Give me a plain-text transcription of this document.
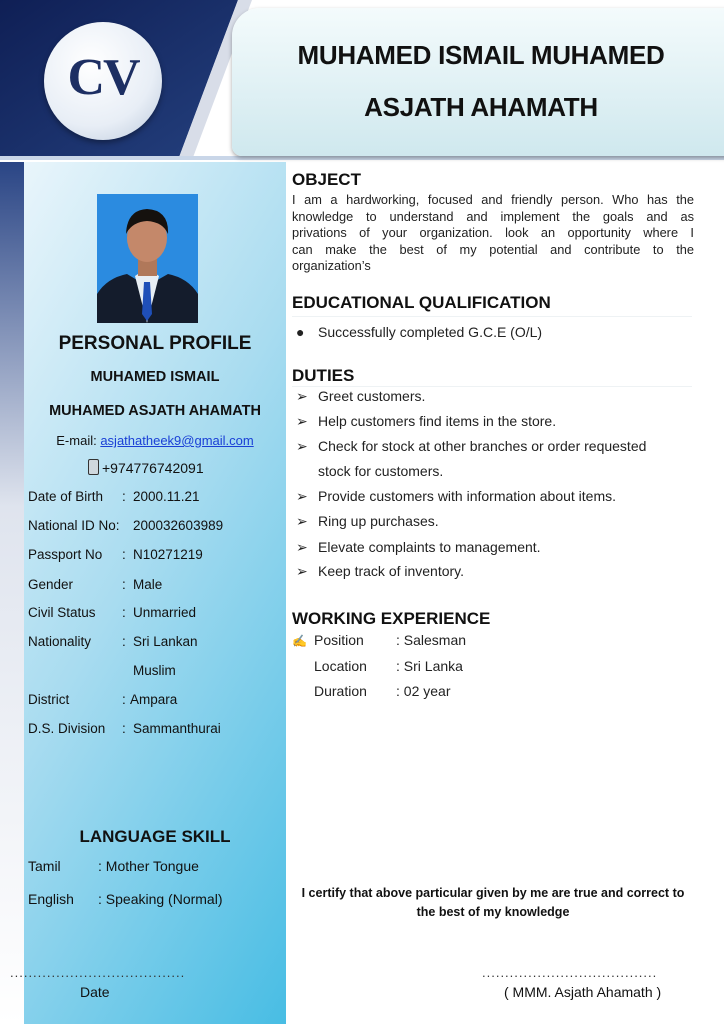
CV	MUHAMED ISMAIL MUHAMED
ASJATH AHAMATH
PERSONAL PROFILE
MUHAMED ISMAIL
MUHAMED ASJATH AHAMATH
E-mail: asjathatheek9@gmail.com
+974776742091
Date of Birth : 2000.11.21
National ID No: 200032603989
Passport No : N10271219
Gender	: Male
Civil Status : Unmarried
Nationality : Sri Lankan
Muslim
District	: Ampara
D.S. Division : Sammanthurai
LANGUAGE SKILL
Tamil	: Mother Tongue
English : Speaking (Normal)
......................................
Date
OBJECT
I am a hardworking, focused and friendly person. Who has the
knowledge to understand and implement the goals and as
privations of your organization. look an opportunity where I
can make the best of my potential and contribute to the
organization’s
EDUCATIONAL QUALIFICATION
● Successfully completed G.C.E (O/L)
DUTIES
➢ Greet customers.
➢ Help customers find items in the store.
➢ Check for stock at other branches or order requested
stock for customers.
➢ Provide customers with information about items.
➢ Ring up purchases.
➢ Elevate complaints to management.
➢ Keep track of inventory.
WORKING EXPERIENCE
✍ Position : Salesman
Location : Sri Lanka
Duration : 02 year
I certify that above particular given by me are true and correct to
the best of my knowledge
......................................
( MMM. Asjath Ahamath )
